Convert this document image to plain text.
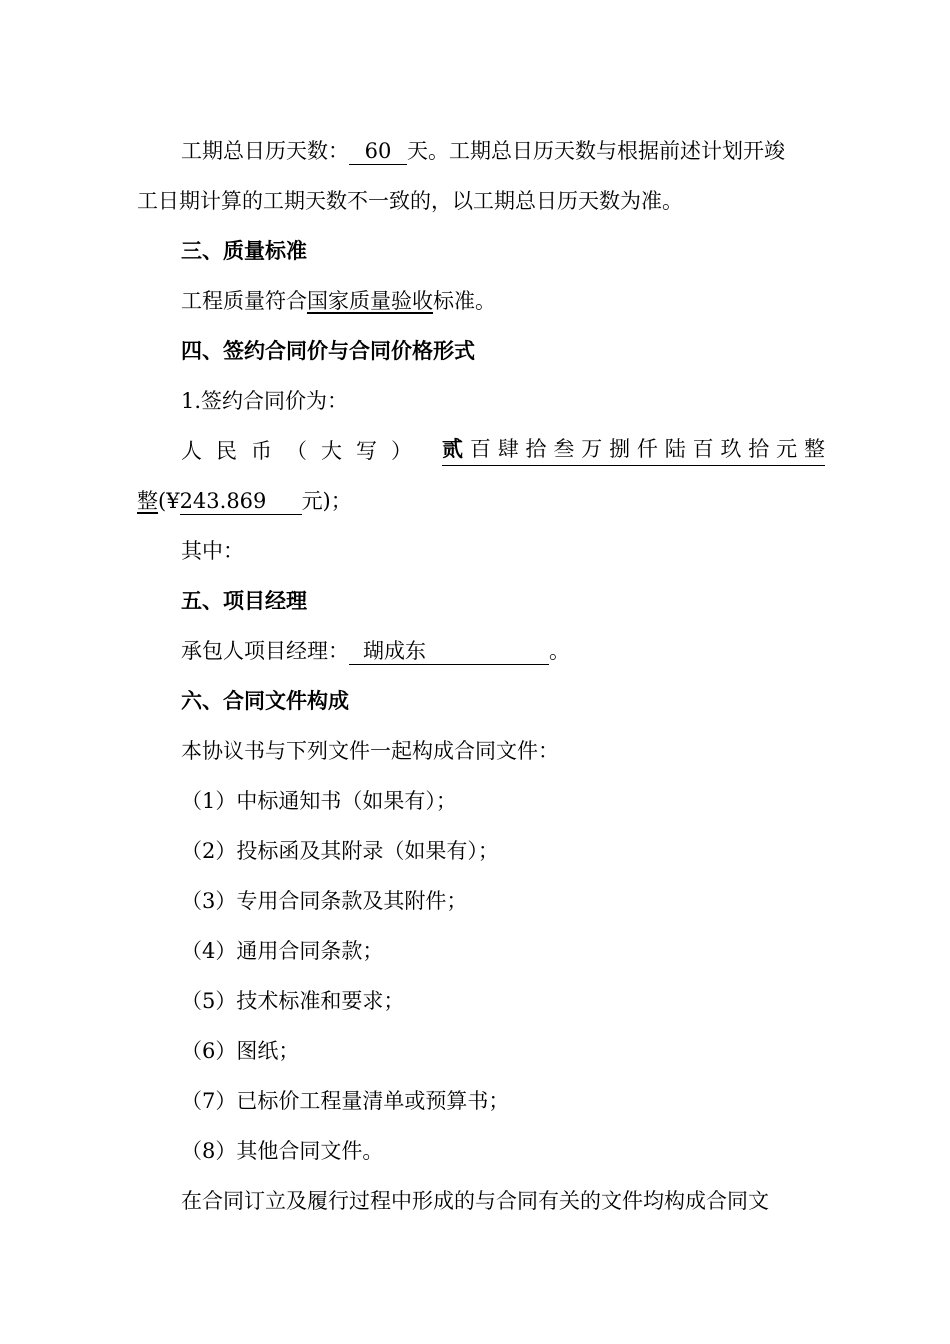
工期总日历天数： 60 天。工期总日历天数与根据前述计划开竣
工日期计算的工期天数不一致的，以工期总日历天数为准。
三、质量标准
工程质量符合国家质量验收标准。
四、签约合同价与合同价格形式
1.签约合同价为：
人民币（大写） 贰 百 肆 拾 叁 万 捌 仟 陆 百 玖 拾 元 整
整(¥243.869 元)；
其中：
五、项目经理
承包人项目经理： 瑚成东	。
六、合同文件构成
本协议书与下列文件一起构成合同文件：
（1）中标通知书（如果有）；
（2）投标函及其附录（如果有）；
（3）专用合同条款及其附件；
（4）通用合同条款；
（5）技术标准和要求；
（6）图纸；
（7）已标价工程量清单或预算书；
（8）其他合同文件。
在合同订立及履行过程中形成的与合同有关的文件均构成合同文
